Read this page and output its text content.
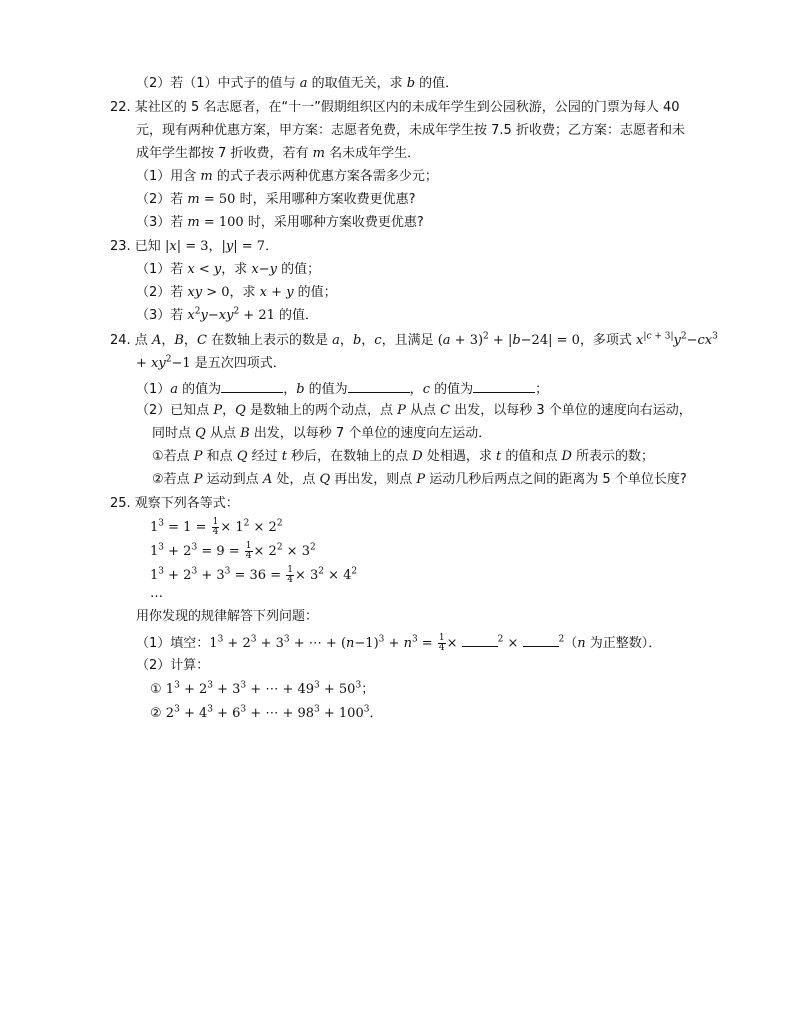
（2）若（1）中式子的值与 a 的取值无关，求 b 的值．
22. 某社区的 5 名志愿者，在“十一”假期组织区内的未成年学生到公园秋游，公园的门票为每人 40
元，现有两种优惠方案，甲方案：志愿者免费，未成年学生按 7.5 折收费；乙方案：志愿者和未
成年学生都按 7 折收费，若有 m 名未成年学生．
（1）用含 m 的式子表示两种优惠方案各需多少元；
（2）若 m = 50 时，采用哪种方案收费更优惠?
（3）若 m = 100 时，采用哪种方案收费更优惠?
23. 已知 |x| = 3，|y| = 7．
（1）若 x < y，求 x−y 的值；
（2）若 xy > 0，求 x + y 的值；
（3）若 $x^2y-xy^2 + 21$ 的值．
24. 点 A，B，C 在数轴上表示的数是 a，b，c，且满足 $(a + 3)^2 + |b-24| = 0$，多项式 $x^{|c + 3|}y^2-cx^3$
+ $xy^2-1$ 是五次四项式．
（1）a 的值为	，b 的值为	，c 的值为	；
（2）已知点 P，Q 是数轴上的两个动点，点 P 从点 C 出发，以每秒 3 个单位的速度向右运动，
同时点 Q 从点 B 出发，以每秒 7 个单位的速度向左运动．
①若点 P 和点 Q 经过 t 秒后，在数轴上的点 D 处相遇，求 t 的值和点 D 所表示的数；
②若点 P 运动到点 A 处，点 Q 再出发，则点 P 运动几秒后两点之间的距离为 5 个单位长度?
25. 观察下列各等式：
$1^3 = 1 = \frac{1}{4} \times 1^2 \times 2^2$
$1^3 + 2^3 = 9 = \frac{1}{4} \times 2^2 \times 3^2$
$1^3 + 2^3 + 3^3 = 36 = \frac{1}{4} \times 3^2 \times 4^2$
…
用你发现的规律解答下列问题：
（1）填空：$1^3 + 2^3 + 3^3$ + ⋯ + $(n-1)^3 + n^3 = \frac{1}{4}$ ×	$^2$ ×	$^2$（n 为正整数）．
（2）计算：
① $1^3 + 2^3 + 3^3$ + ⋯ + $49^3 + 50^3$；
② $2^3 + 4^3 + 6^3$ + ⋯ + $98^3 + 100^3$．
